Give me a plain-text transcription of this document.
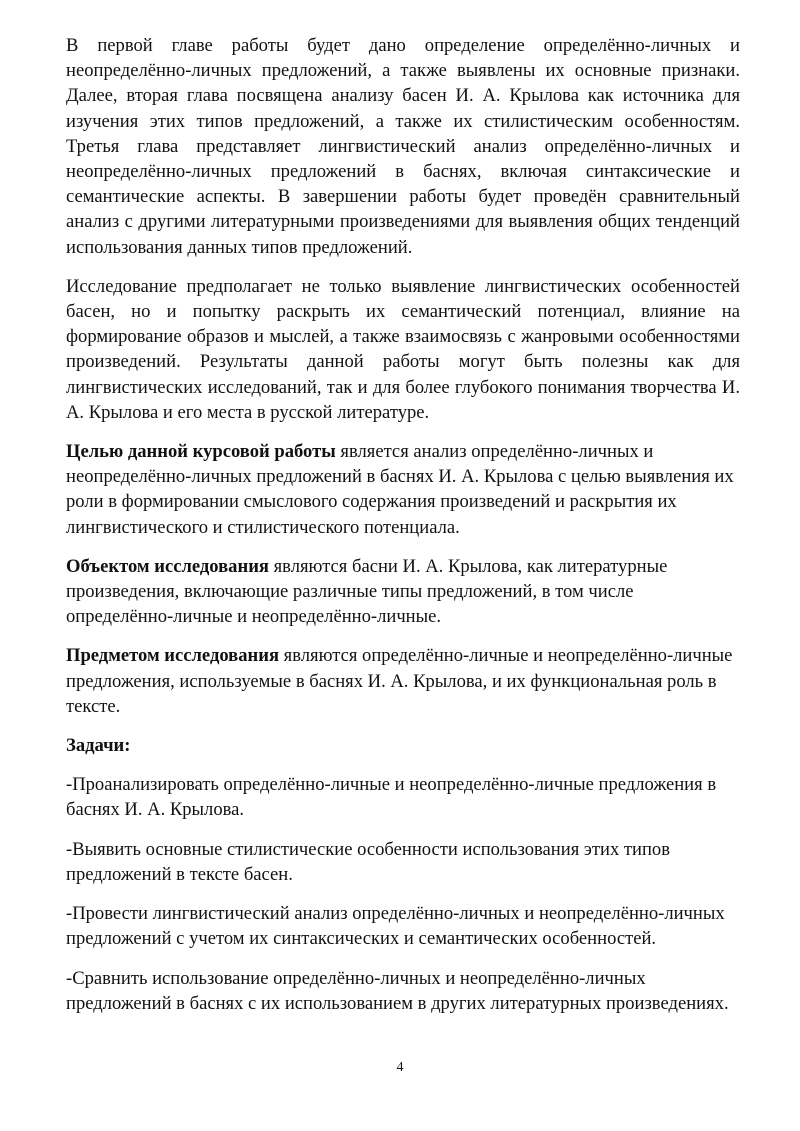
В первой главе работы будет дано определение определённо-личных и неопределённо-личных предложений, а также выявлены их основные признаки. Далее, вторая глава посвящена анализу басен И. А. Крылова как источника для изучения этих типов предложений, а также их стилистическим особенностям. Третья глава представляет лингвистический анализ определённо-личных и неопределённо-личных предложений в баснях, включая синтаксические и семантические аспекты. В завершении работы будет проведён сравнительный анализ с другими литературными произведениями для выявления общих тенденций использования данных типов предложений.

Исследование предполагает не только выявление лингвистических особенностей басен, но и попытку раскрыть их семантический потенциал, влияние на формирование образов и мыслей, а также взаимосвязь с жанровыми особенностями произведений. Результаты данной работы могут быть полезны как для лингвистических исследований, так и для более глубокого понимания творчества И. А. Крылова и его места в русской литературе.

Целью данной курсовой работы является анализ определённо-личных и неопределённо-личных предложений в баснях И. А. Крылова с целью выявления их роли в формировании смыслового содержания произведений и раскрытия их лингвистического и стилистического потенциала.

Объектом исследования являются басни И. А. Крылова, как литературные произведения, включающие различные типы предложений, в том числе определённо-личные и неопределённо-личные.

Предметом исследования являются определённо-личные и неопределённо-личные предложения, используемые в баснях И. А. Крылова, и их функциональная роль в тексте.

Задачи:

-Проанализировать определённо-личные и неопределённо-личные предложения в баснях И. А. Крылова.

-Выявить основные стилистические особенности использования этих типов предложений в тексте басен.

-Провести лингвистический анализ определённо-личных и неопределённо-личных предложений с учетом их синтаксических и семантических особенностей.

-Сравнить использование определённо-личных и неопределённо-личных предложений в баснях с их использованием в других литературных произведениях.

4
